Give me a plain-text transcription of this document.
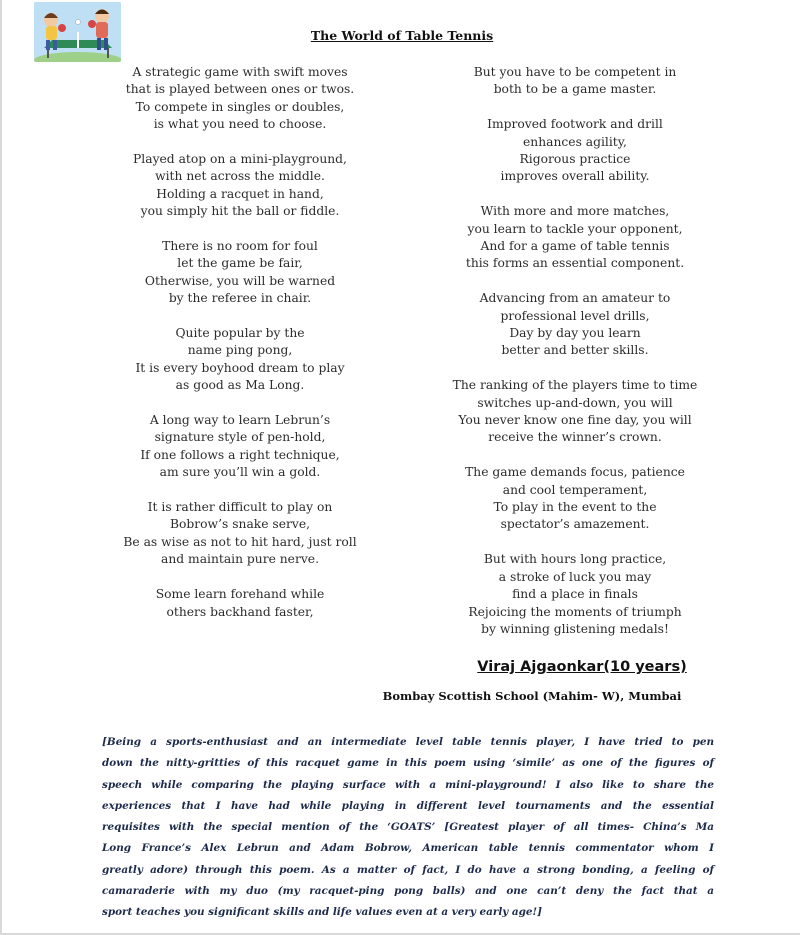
The World of Table Tennis
A strategic game with swift moves
that is played between ones or twos.
To compete in singles or doubles,
is what you need to choose.
Played atop on a mini-playground,
with net across the middle.
Holding a racquet in hand,
you simply hit the ball or fiddle.
There is no room for foul
let the game be fair,
Otherwise, you will be warned
by the referee in chair.
Quite popular by the
name ping pong,
It is every boyhood dream to play
as good as Ma Long.
A long way to learn Lebrun’s
signature style of pen-hold,
If one follows a right technique,
am sure you’ll win a gold.
It is rather difficult to play on
Bobrow’s snake serve,
Be as wise as not to hit hard, just roll
and maintain pure nerve.
Some learn forehand while
others backhand faster,
But you have to be competent in
both to be a game master.
Improved footwork and drill
enhances agility,
Rigorous practice
improves overall ability.
With more and more matches,
you learn to tackle your opponent,
And for a game of table tennis
this forms an essential component.
Advancing from an amateur to
professional level drills,
Day by day you learn
better and better skills.
The ranking of the players time to time
switches up-and-down, you will
You never know one fine day, you will
receive the winner’s crown.
The game demands focus, patience
and cool temperament,
To play in the event to the
spectator’s amazement.
But with hours long practice,
a stroke of luck you may
find a place in finals
Rejoicing the moments of triumph
by winning glistening medals!
Viraj Ajgaonkar(10 years)
Bombay Scottish School (Mahim- W), Mumbai
[Being a sports-enthusiast and an intermediate level table tennis player, I have tried to pen
down the nitty-gritties of this racquet game in this poem using ‘simile’ as one of the figures of
speech while comparing the playing surface with a mini-playground! I also like to share the
experiences that I have had while playing in different level tournaments and the essential
requisites with the special mention of the ‘GOATS’ [Greatest player of all times- China’s Ma
Long France’s Alex Lebrun and Adam Bobrow, American table tennis commentator whom I
greatly adore) through this poem. As a matter of fact, I do have a strong bonding, a feeling of
camaraderie with my duo (my racquet-ping pong balls) and one can’t deny the fact that a
sport teaches you significant skills and life values even at a very early age!]
